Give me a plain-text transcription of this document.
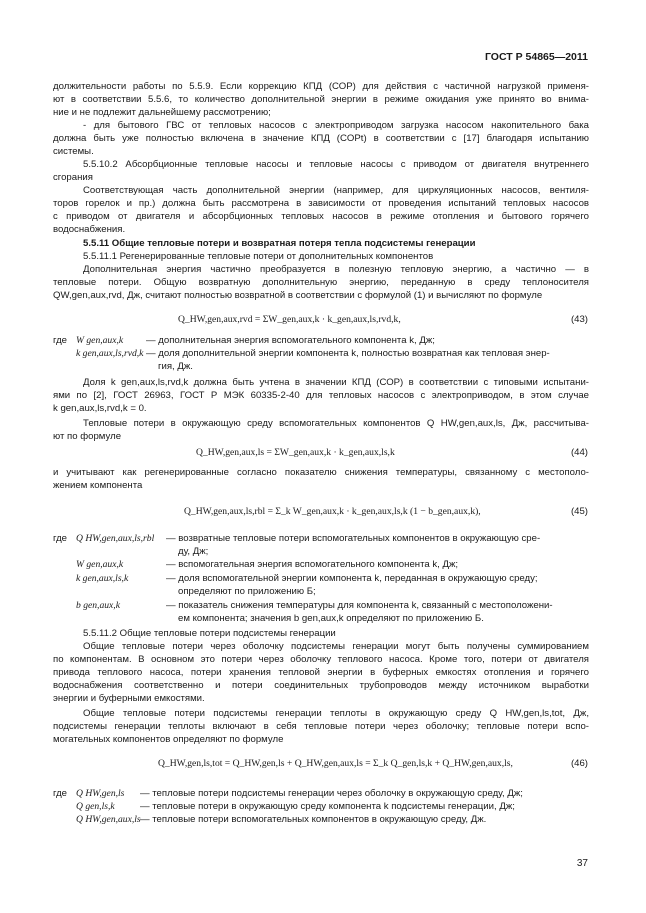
ГОСТ Р 54865—2011
должительности работы по 5.5.9. Если коррекцию КПД (СОР) для действия с частичной нагрузкой применя-
ют в соответствии 5.5.6, то количество дополнительной энергии в режиме ожидания уже принято во внима-
ние и не подлежит дальнейшему рассмотрению;
- для бытового ГВС от тепловых насосов с электроприводом загрузка насосом накопительного бака
должна быть уже полностью включена в значение КПД (COPt) в соответствии с [17] благодаря испытанию
системы.
5.5.10.2 Абсорбционные тепловые насосы и тепловые насосы с приводом от двигателя внутреннего
сгорания
Соответствующая часть дополнительной энергии (например, для циркуляционных насосов, вентиля-
торов горелок и пр.) должна быть рассмотрена в зависимости от проведения испытаний тепловых насосов
с приводом от двигателя и абсорбционных тепловых насосов в режиме отопления и бытового горячего
водоснабжения.
5.5.11 Общие тепловые потери и возвратная потеря тепла подсистемы генерации
5.5.11.1 Регенерированные тепловые потери от дополнительных компонентов
Дополнительная энергия частично преобразуется в полезную тепловую энергию, а частично — в
тепловые потери. Общую возвратную дополнительную энергию, переданную в среду теплоносителя
QW,gen,aux,rvd, Дж, считают полностью возвратной в соответствии с формулой (1) и вычисляют по формуле
Q_HW,gen,aux,rvd = ΣW_gen,aux,k · k_gen,aux,ls,rvd,k,	(43)
где W gen,aux,k — дополнительная энергия вспомогательного компонента k, Дж;
k gen,aux,ls,rvd,k — доля дополнительной энергии компонента k, полностью возвратная как тепловая энер-
гия, Дж.
Доля k gen,aux,ls,rvd,k должна быть учтена в значении КПД (СОР) в соответствии с типовыми испытани-
ями по [2], ГОСТ 26963, ГОСТ Р МЭК 60335-2-40 для тепловых насосов с электроприводом, в этом случае
k gen,aux,ls,rvd,k = 0.
Тепловые потери в окружающую среду вспомогательных компонентов Q HW,gen,aux,ls, Дж, рассчитыва-
ют по формуле
Q_HW,gen,aux,ls = ΣW_gen,aux,k · k_gen,aux,ls,k	(44)
и учитывают как регенерированные согласно показателю снижения температуры, связанному с местополо-
жением компонента
Q_HW,gen,aux,ls,rbl = Σ_k W_gen,aux,k · k_gen,aux,ls,k (1 − b_gen,aux,k),	(45)
где Q HW,gen,aux,ls,rbl — возвратные тепловые потери вспомогательных компонентов в окружающую сре-
ду, Дж;
W gen,aux,k	— вспомогательная энергия вспомогательного компонента k, Дж;
k gen,aux,ls,k	— доля вспомогательной энергии компонента k, переданная в окружающую среду;
определяют по приложению Б;
b gen,aux,k	— показатель снижения температуры для компонента k, связанный с местоположени-
ем компонента; значения b gen,aux,k определяют по приложению Б.
5.5.11.2 Общие тепловые потери подсистемы генерации
Общие тепловые потери через оболочку подсистемы генерации могут быть получены суммированием
по компонентам. В основном это потери через оболочку теплового насоса. Кроме того, потери от двигателя
привода теплового насоса, потери хранения тепловой энергии в буферных емкостях отопления и горячего
водоснабжения соответственно и потери соединительных трубопроводов между источником выработки
энергии и буферными емкостями.
Общие тепловые потери подсистемы генерации теплоты в окружающую среду Q HW,gen,ls,tot, Дж,
подсистемы генерации теплоты включают в себя тепловые потери через оболочку; тепловые потери вспо-
могательных компонентов определяют по формуле
Q_HW,gen,ls,tot = Q_HW,gen,ls + Q_HW,gen,aux,ls = Σ_k Q_gen,ls,k + Q_HW,gen,aux,ls,	(46)
где Q HW,gen,ls — тепловые потери подсистемы генерации через оболочку в окружающую среду, Дж;
Q gen,ls,k	— тепловые потери в окружающую среду компонента k подсистемы генерации, Дж;
Q HW,gen,aux,ls — тепловые потери вспомогательных компонентов в окружающую среду, Дж.
37
